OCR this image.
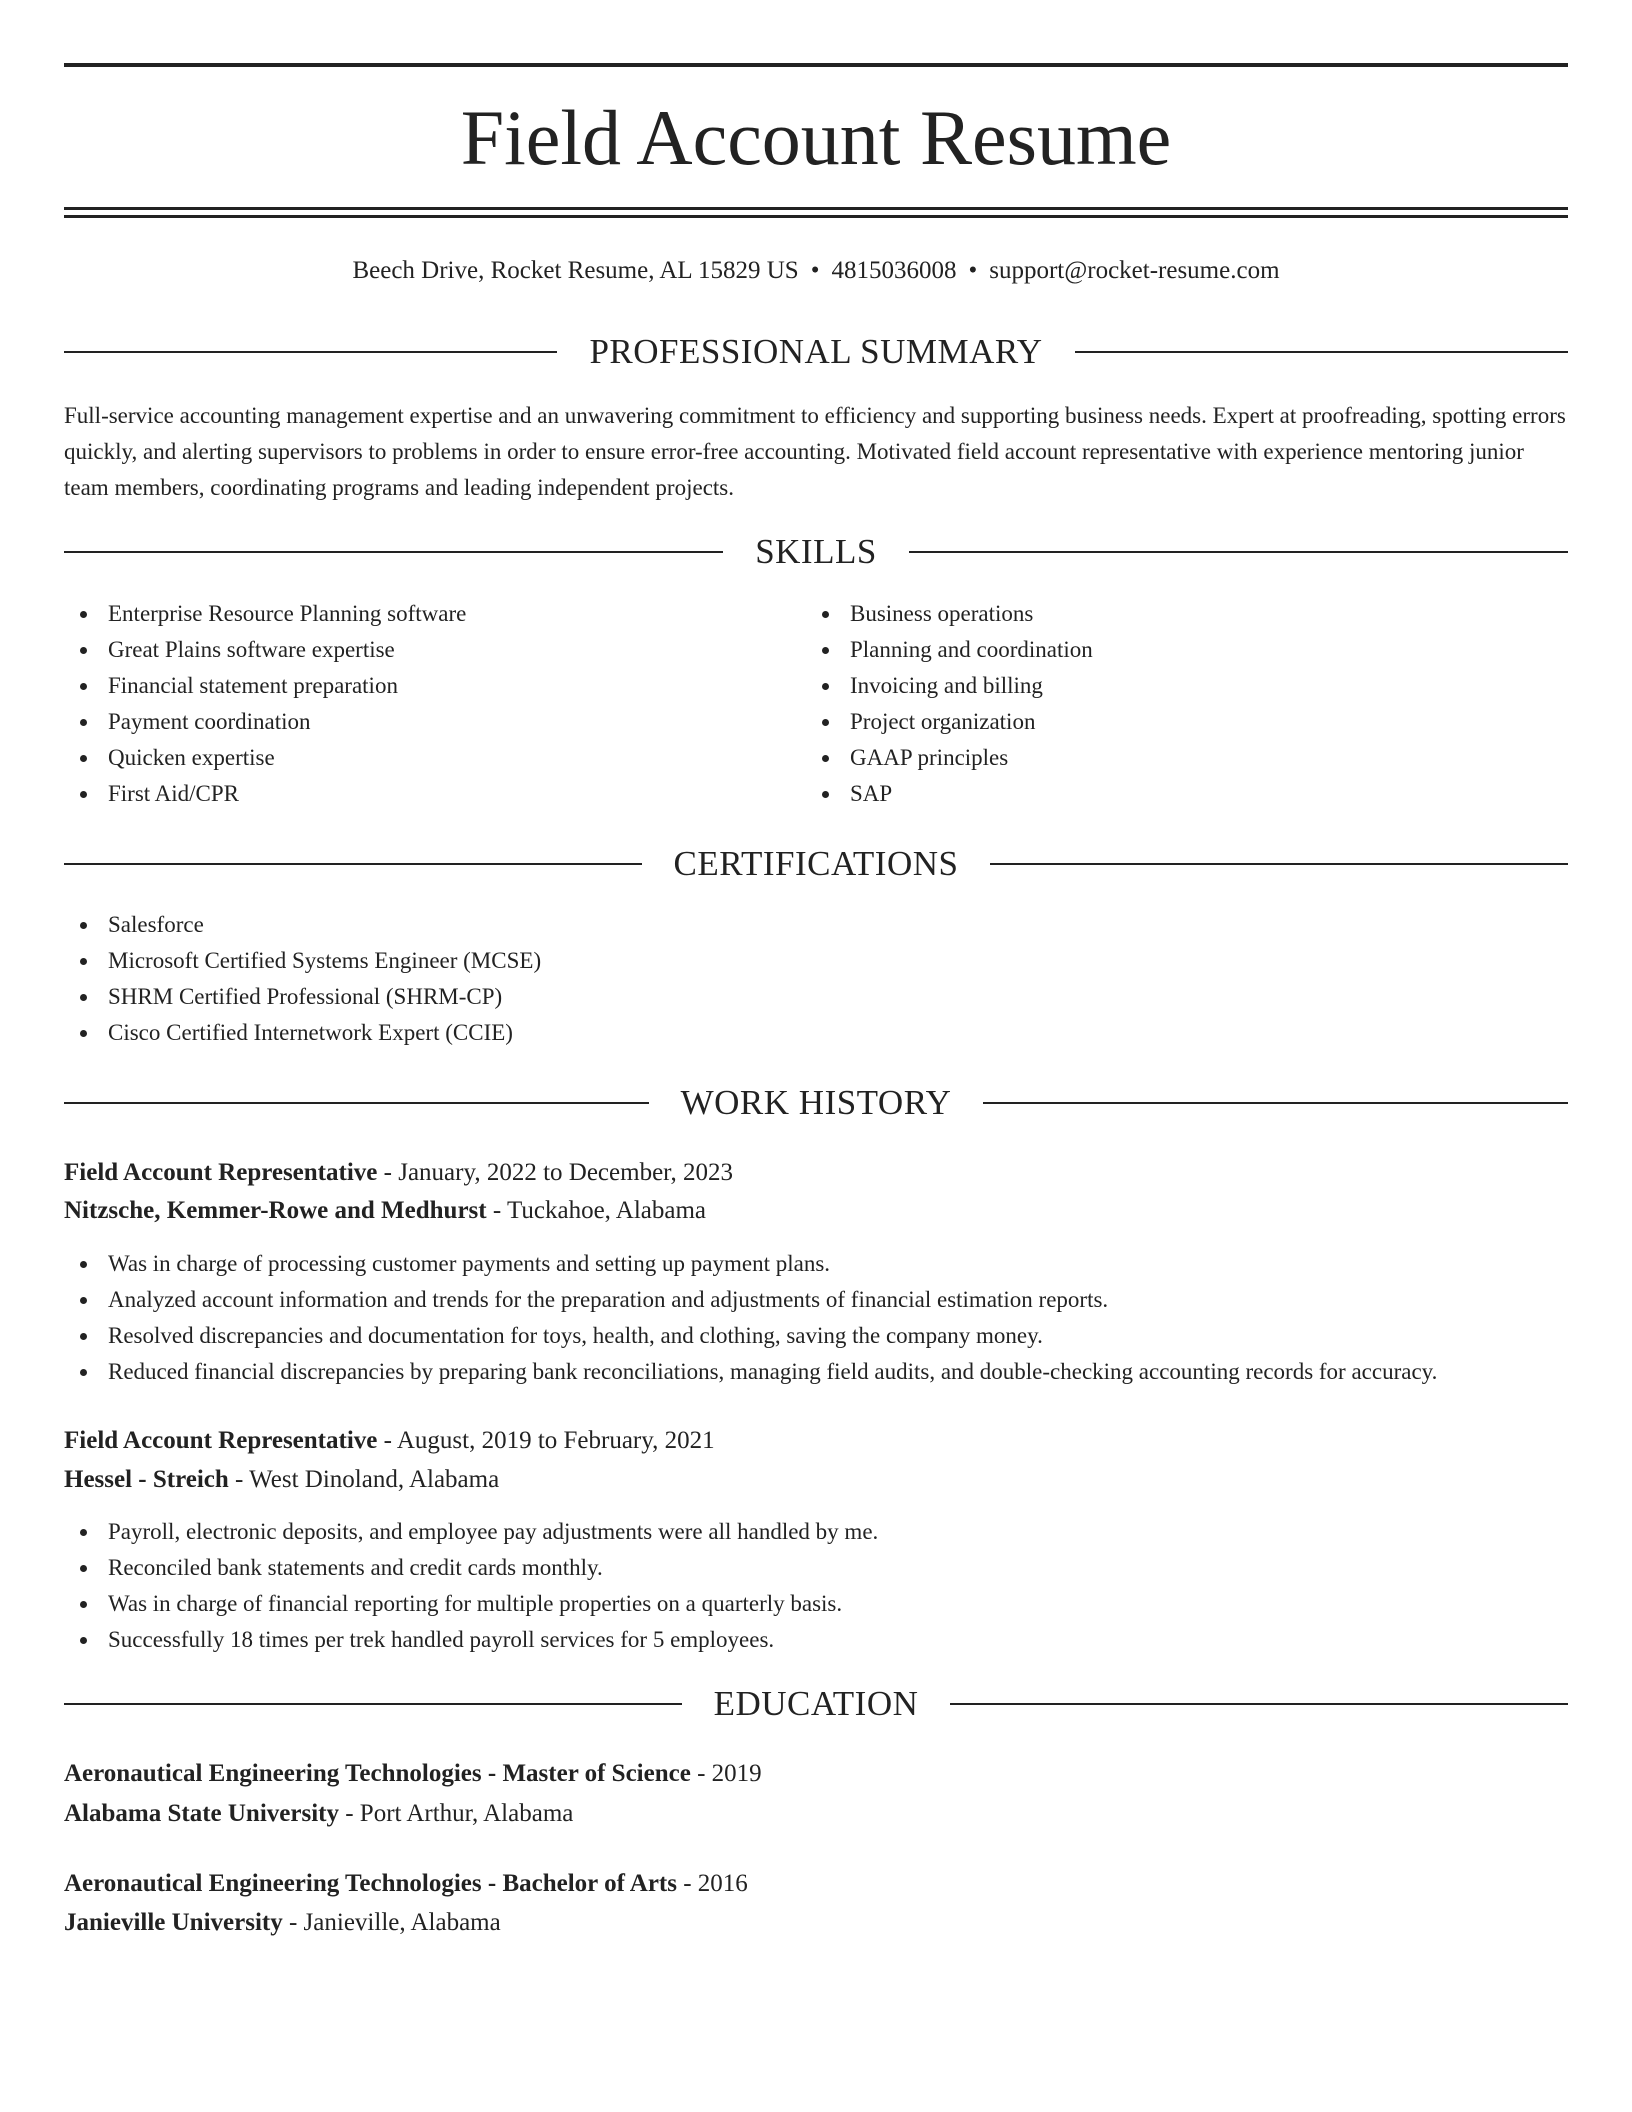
Field Account Resume
Beech Drive, Rocket Resume, AL 15829 US • 4815036008 • support@rocket-resume.com
PROFESSIONAL SUMMARY
Full-service accounting management expertise and an unwavering commitment to efficiency and supporting business needs. Expert at proofreading, spotting errors quickly, and alerting supervisors to problems in order to ensure error-free accounting. Motivated field account representative with experience mentoring junior team members, coordinating programs and leading independent projects.
SKILLS
Enterprise Resource Planning software
Great Plains software expertise
Financial statement preparation
Payment coordination
Quicken expertise
First Aid/CPR
Business operations
Planning and coordination
Invoicing and billing
Project organization
GAAP principles
SAP
CERTIFICATIONS
Salesforce
Microsoft Certified Systems Engineer (MCSE)
SHRM Certified Professional (SHRM-CP)
Cisco Certified Internetwork Expert (CCIE)
WORK HISTORY
Field Account Representative - January, 2022 to December, 2023
Nitzsche, Kemmer-Rowe and Medhurst - Tuckahoe, Alabama
Was in charge of processing customer payments and setting up payment plans.
Analyzed account information and trends for the preparation and adjustments of financial estimation reports.
Resolved discrepancies and documentation for toys, health, and clothing, saving the company money.
Reduced financial discrepancies by preparing bank reconciliations, managing field audits, and double-checking accounting records for accuracy.
Field Account Representative - August, 2019 to February, 2021
Hessel - Streich - West Dinoland, Alabama
Payroll, electronic deposits, and employee pay adjustments were all handled by me.
Reconciled bank statements and credit cards monthly.
Was in charge of financial reporting for multiple properties on a quarterly basis.
Successfully 18 times per trek handled payroll services for 5 employees.
EDUCATION
Aeronautical Engineering Technologies - Master of Science - 2019
Alabama State University - Port Arthur, Alabama
Aeronautical Engineering Technologies - Bachelor of Arts - 2016
Janieville University - Janieville, Alabama
